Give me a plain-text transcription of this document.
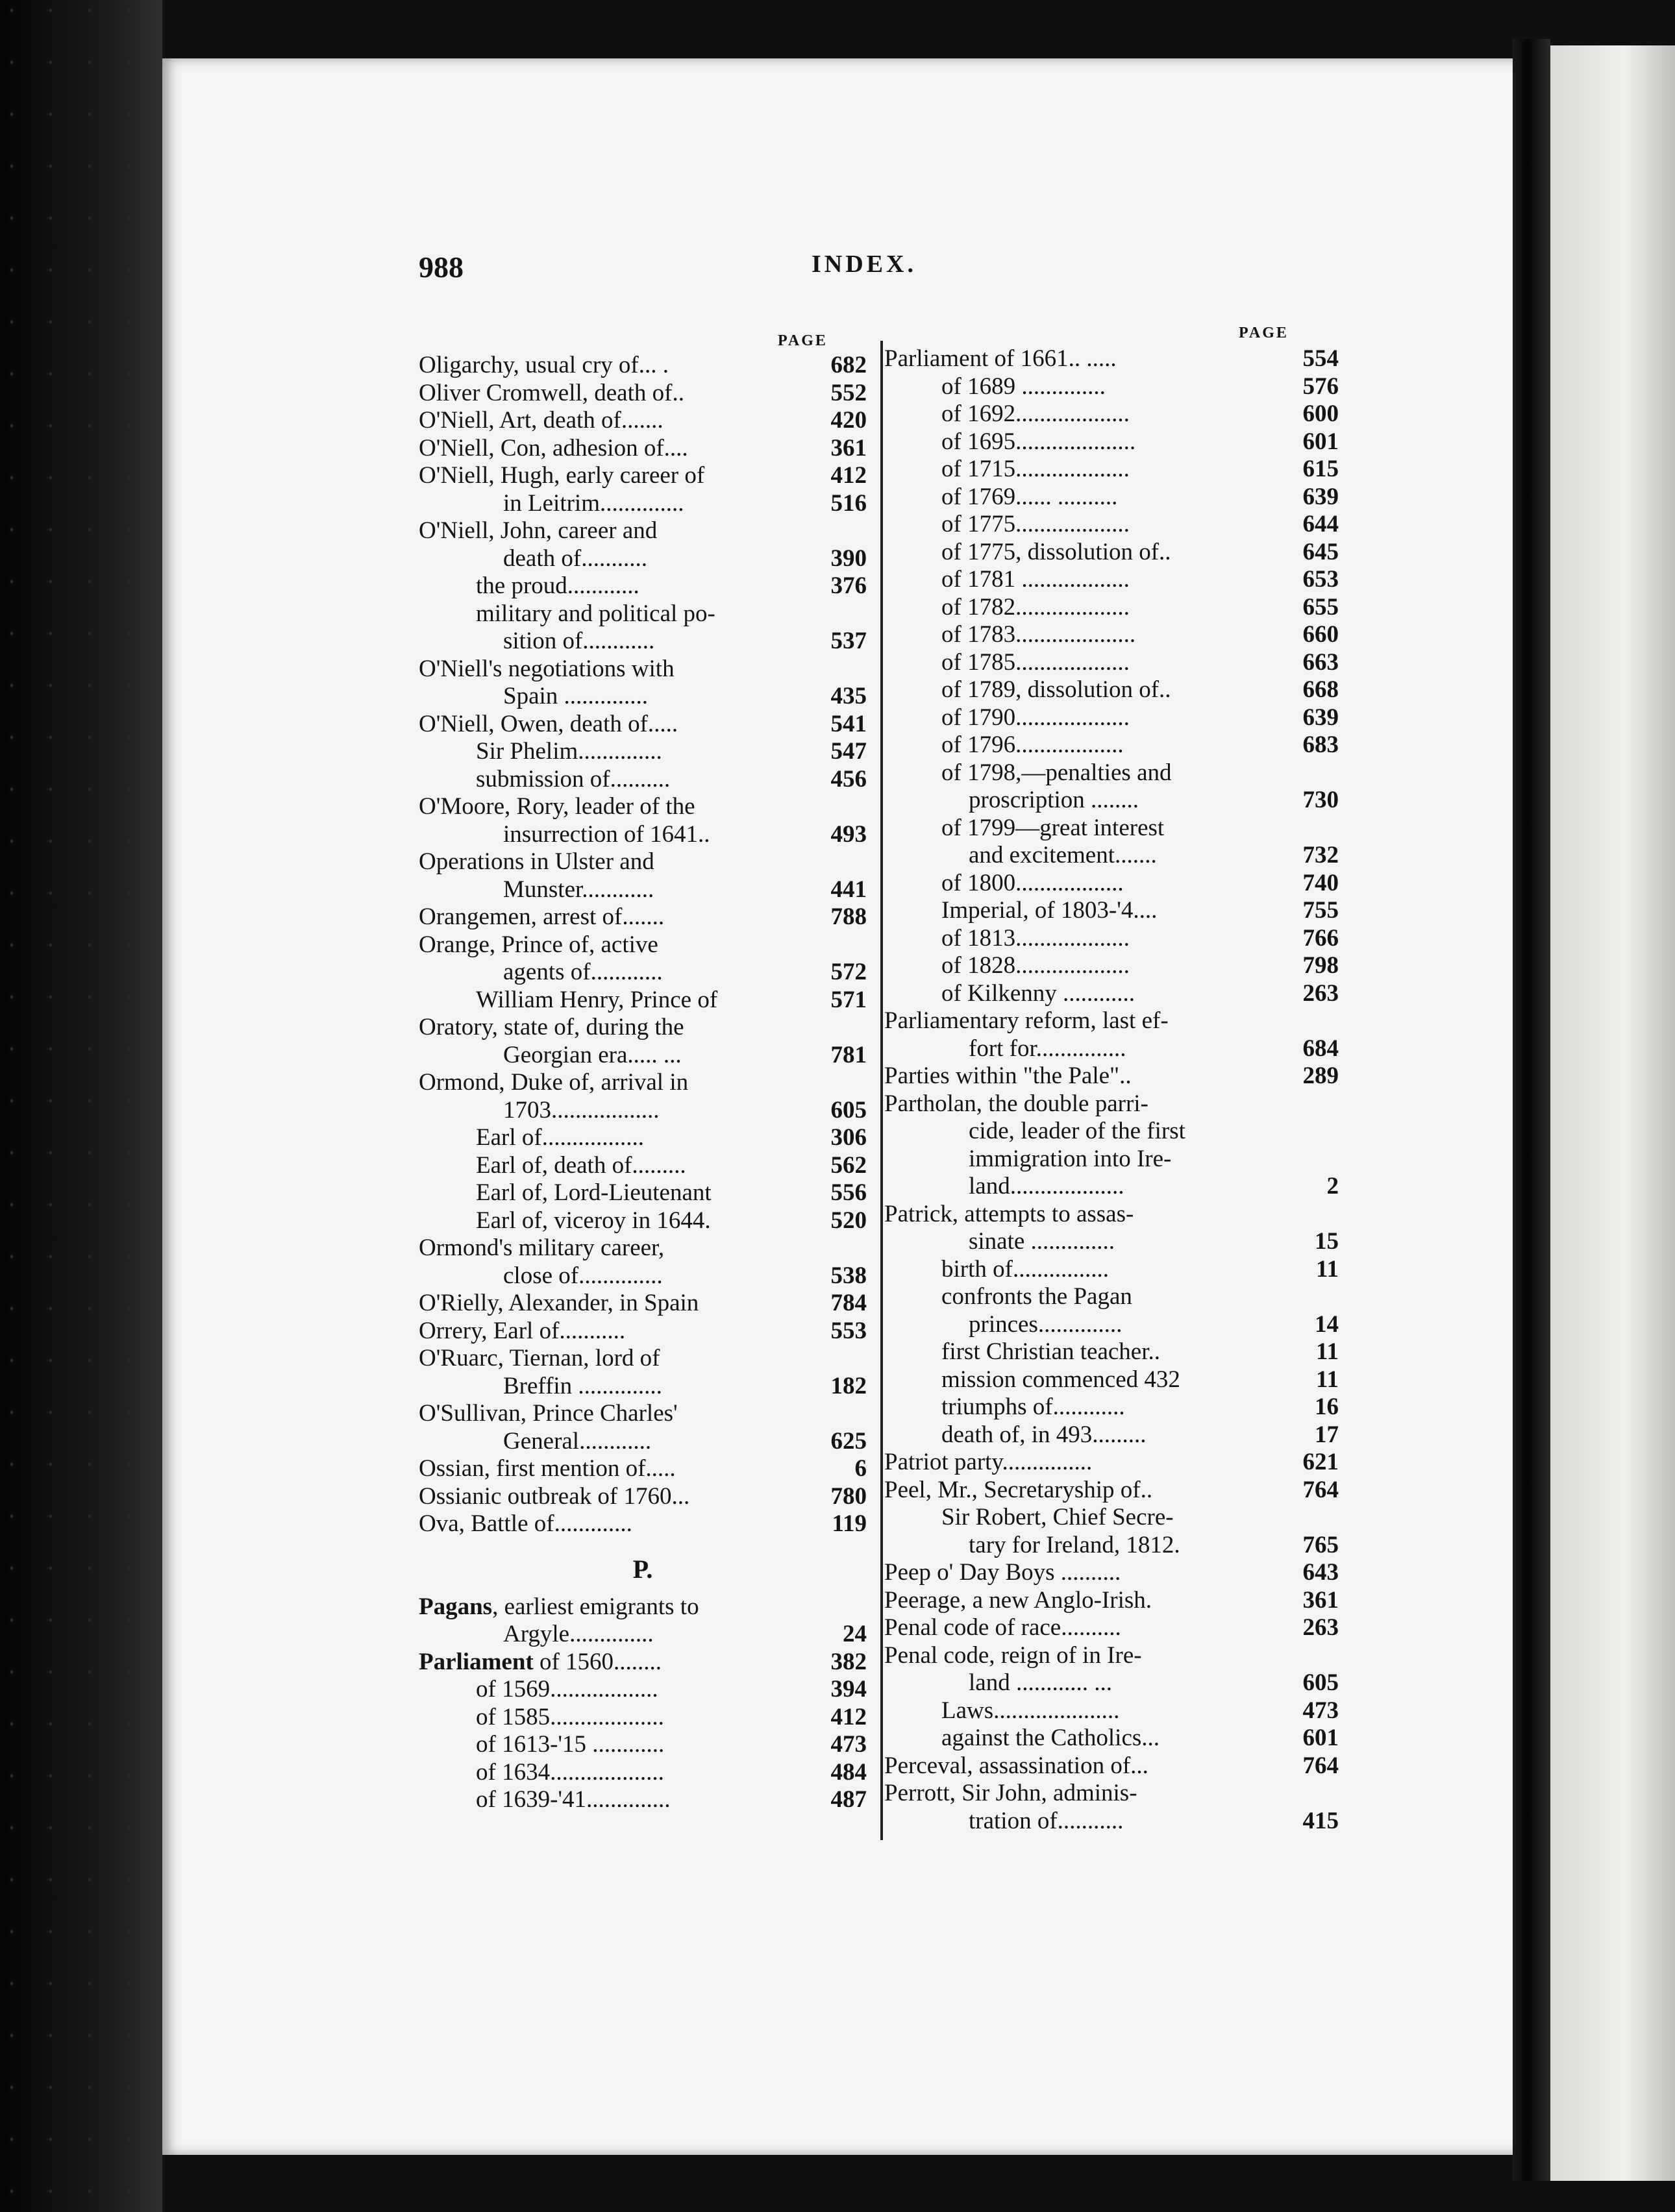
988	INDEX.
PAGE	PAGE
Oligarchy, usual cry of... .	682
Oliver Cromwell, death of..	552
O'Niell, Art, death of.......	420
O'Niell, Con, adhesion of....	361
O'Niell, Hugh, early career of	412
in Leitrim..............	516
O'Niell, John, career and
death of...........	390
the proud............	376
military and political po-
sition of............	537
O'Niell's negotiations with
Spain ..............	435
O'Niell, Owen, death of.....	541
Sir Phelim..............	547
submission of..........	456
O'Moore, Rory, leader of the
insurrection of 1641..	493
Operations in Ulster and
Munster............	441
Orangemen, arrest of.......	788
Orange, Prince of, active
agents of............	572
William Henry, Prince of	571
Oratory, state of, during the
Georgian era..... ...	781
Ormond, Duke of, arrival in
1703..................	605
Earl of.................	306
Earl of, death of.........	562
Earl of, Lord-Lieutenant	556
Earl of, viceroy in 1644.	520
Ormond's military career,
close of..............	538
O'Rielly, Alexander, in Spain	784
Orrery, Earl of...........	553
O'Ruarc, Tiernan, lord of
Breffin ..............	182
O'Sullivan, Prince Charles'
General............	625
Ossian, first mention of.....	6
Ossianic outbreak of 1760...	780
Ova, Battle of.............	119
P.
Pagans, earliest emigrants to
Argyle..............	24
Parliament of 1560........	382
of 1569..................	394
of 1585...................	412
of 1613-'15 ............	473
of 1634...................	484
of 1639-'41..............	487
Parliament of 1661.. .....	554
of 1689 ..............	576
of 1692...................	600
of 1695....................	601
of 1715...................	615
of 1769...... ..........	639
of 1775...................	644
of 1775, dissolution of..	645
of 1781 ..................	653
of 1782...................	655
of 1783....................	660
of 1785...................	663
of 1789, dissolution of..	668
of 1790...................	639
of 1796..................	683
of 1798,—penalties and
proscription ........	730
of 1799—great interest
and excitement.......	732
of 1800..................	740
Imperial, of 1803-'4....	755
of 1813...................	766
of 1828...................	798
of Kilkenny ............	263
Parliamentary reform, last ef-
fort for...............	684
Parties within "the Pale"..	289
Partholan, the double parri-
cide, leader of the first
immigration into Ire-
land...................	2
Patrick, attempts to assas-
sinate ..............	15
birth of................	11
confronts the Pagan
princes..............	14
first Christian teacher..	11
mission commenced 432	11
triumphs of............	16
death of, in 493.........	17
Patriot party...............	621
Peel, Mr., Secretaryship of..	764
Sir Robert, Chief Secre-
tary for Ireland, 1812.	765
Peep o' Day Boys ..........	643
Peerage, a new Anglo-Irish.	361
Penal code of race..........	263
Penal code, reign of in Ire-
land ............ ...	605
Laws.....................	473
against the Catholics...	601
Perceval, assassination of...	764
Perrott, Sir John, adminis-
tration of...........	415
